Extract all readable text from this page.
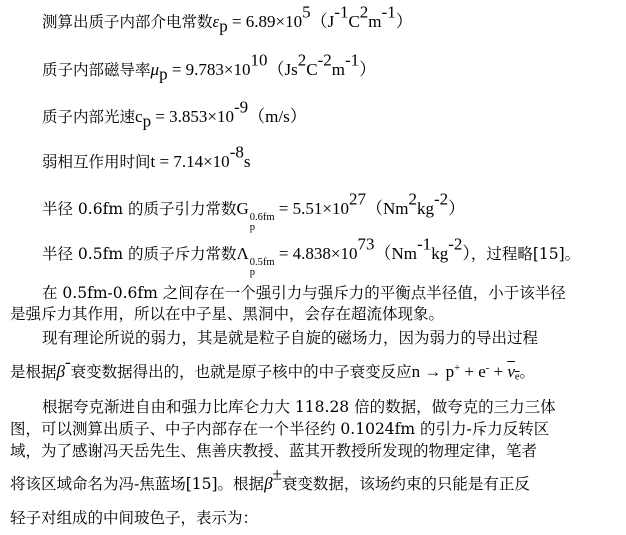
测算出质子内部介电常数$\varepsilon_p = 6.89\times 10^5(J^{-1}C^2m^{-1})$
质子内部磁导率$\mu_p = 9.783\times 10^{10}(Js^2C^{-2}m^{-1})$
质子内部光速$c_p = 3.853\times 10^{-9}(m/s)$
弱相互作用时间$t = 7.14\times 10^{-8}s$
半径 0.6fm 的质子引力常数G 0.6fm
p
= $5.51\times 10^{27}(Nm^2kg^{-2})$
半径 0.5fm 的质子斥力常数Λ 0.5fm
p
= $4.838\times 10^{73}(Nm^{-1}kg^{-2})$，过程略[15]。
在 0.5fm-0.6fm 之间存在一个强引力与强斥力的平衡点半径值，小于该半径
是强斥力其作用，所以在中子星、黑洞中，会存在超流体现象。
现有理论所说的弱力，其是就是粒子自旋的磁场力，因为弱力的导出过程
是根据β-衰变数据得出的，也就是原子核中的中子衰变反应$n \to p^+ + e^- + \nu_e$。
根据夸克渐进自由和强力比库仑力大 118.28 倍的数据，做夸克的三力三体
图，可以测算出质子、中子内部存在一个半径约 0.1024fm 的引力-斥力反转区
域，为了感谢冯天岳先生、焦善庆教授、蓝其开教授所发现的物理定律，笔者
将该区域命名为冯-焦蓝场[15]。根据β±衰变数据，该场约束的只能是有正反
轻子对组成的中间玻色子，表示为：
